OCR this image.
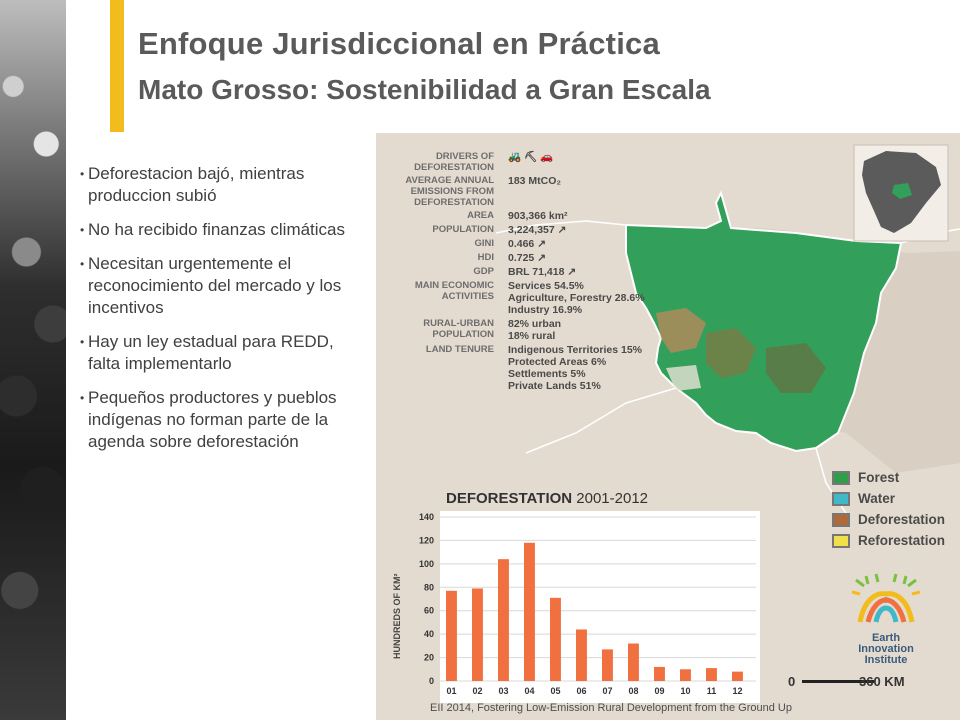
Enfoque Jurisdiccional en Práctica
Mato Grosso: Sostenibilidad a Gran Escala
• Deforestacion bajó, mientras produccion subió
• No ha recibido finanzas climáticas
• Necesitan urgentemente el reconocimiento del mercado y los incentivos
• Hay un ley estadual para REDD, falta implementarlo
• Pequeños productores y pueblos indígenas no forman parte de la agenda sobre deforestación
DRIVERS OF DEFORESTATION
🚜 ⛏ 🚗
AVERAGE ANNUAL EMISSIONS FROM DEFORESTATION
183 MtCO₂
AREA 903,366 km²
POPULATION 3,224,357 ↗
GINI 0.466 ↗
HDI 0.725 ↗
GDP BRL 71,418 ↗
MAIN ECONOMIC ACTIVITIES
Services 54.5%
Agriculture, Forestry 28.6%
Industry 16.9%
RURAL-URBAN POPULATION
82% urban
18% rural
LAND TENURE Indigenous Territories 15%
Protected Areas 6%
Settlements 5%
Private Lands 51%
Forest
Water
Deforestation
Reforestation
DEFORESTATION 2001-2012
HUNDREDS OF KM²
0
20
40
60
80
100
120
140
01 02 03 04 05 06 07 08 09 10 11 12
Earth
Innovation
Institute
0	360 KM
EII 2014, Fostering Low-Emission Rural Development from the Ground Up
